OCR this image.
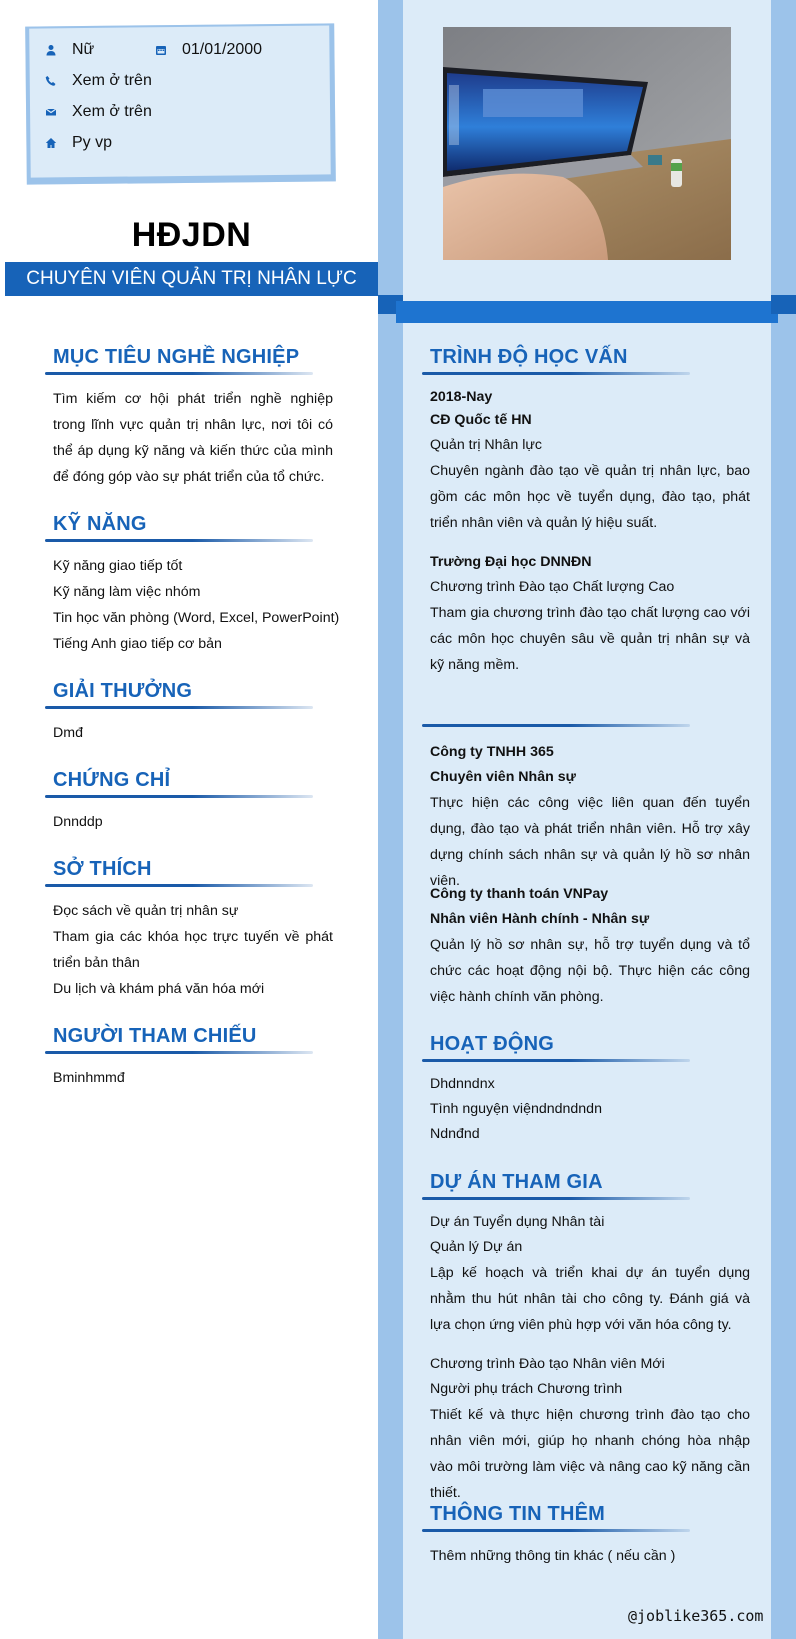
Nữ	01/01/2000
Xem ở trên
Xem ở trên
Py vp
HĐJDN
CHUYÊN VIÊN QUẢN TRỊ NHÂN LỰC
MỤC TIÊU NGHỀ NGHIỆP
Tìm kiếm cơ hội phát triển nghề nghiệp trong lĩnh vực quản trị nhân lực, nơi tôi có thể áp dụng kỹ năng và kiến thức của mình để đóng góp vào sự phát triển của tổ chức.
KỸ NĂNG
Kỹ năng giao tiếp tốt
Kỹ năng làm việc nhóm
Tin học văn phòng (Word, Excel, PowerPoint)
Tiếng Anh giao tiếp cơ bản
GIẢI THƯỞNG
Dmđ
CHỨNG CHỈ
Dnnddp
SỞ THÍCH
Đọc sách về quản trị nhân sự
Tham gia các khóa học trực tuyến về phát triển bản thân
Du lịch và khám phá văn hóa mới
NGƯỜI THAM CHIẾU
Bminhmmđ
TRÌNH ĐỘ HỌC VẤN
2018-Nay
CĐ Quốc tế HN
Quản trị Nhân lực
Chuyên ngành đào tạo về quản trị nhân lực, bao gồm các môn học về tuyển dụng, đào tạo, phát triển nhân viên và quản lý hiệu suất.
Trường Đại học DNNĐN
Chương trình Đào tạo Chất lượng Cao
Tham gia chương trình đào tạo chất lượng cao với các môn học chuyên sâu về quản trị nhân sự và kỹ năng mềm.
Công ty TNHH 365
Chuyên viên Nhân sự
Thực hiện các công việc liên quan đến tuyển dụng, đào tạo và phát triển nhân viên. Hỗ trợ xây dựng chính sách nhân sự và quản lý hồ sơ nhân viên.
Công ty thanh toán VNPay
Nhân viên Hành chính - Nhân sự
Quản lý hồ sơ nhân sự, hỗ trợ tuyển dụng và tổ chức các hoạt động nội bộ. Thực hiện các công việc hành chính văn phòng.
HOẠT ĐỘNG
Dhdnndnx
Tình nguyện việndndndndn
Ndnđnd
DỰ ÁN THAM GIA
Dự án Tuyển dụng Nhân tài
Quản lý Dự án
Lập kế hoạch và triển khai dự án tuyển dụng nhằm thu hút nhân tài cho công ty. Đánh giá và lựa chọn ứng viên phù hợp với văn hóa công ty.
Chương trình Đào tạo Nhân viên Mới
Người phụ trách Chương trình
Thiết kế và thực hiện chương trình đào tạo cho nhân viên mới, giúp họ nhanh chóng hòa nhập vào môi trường làm việc và nâng cao kỹ năng cần thiết.
THÔNG TIN THÊM
Thêm những thông tin khác ( nếu cần )
@joblike365.com
